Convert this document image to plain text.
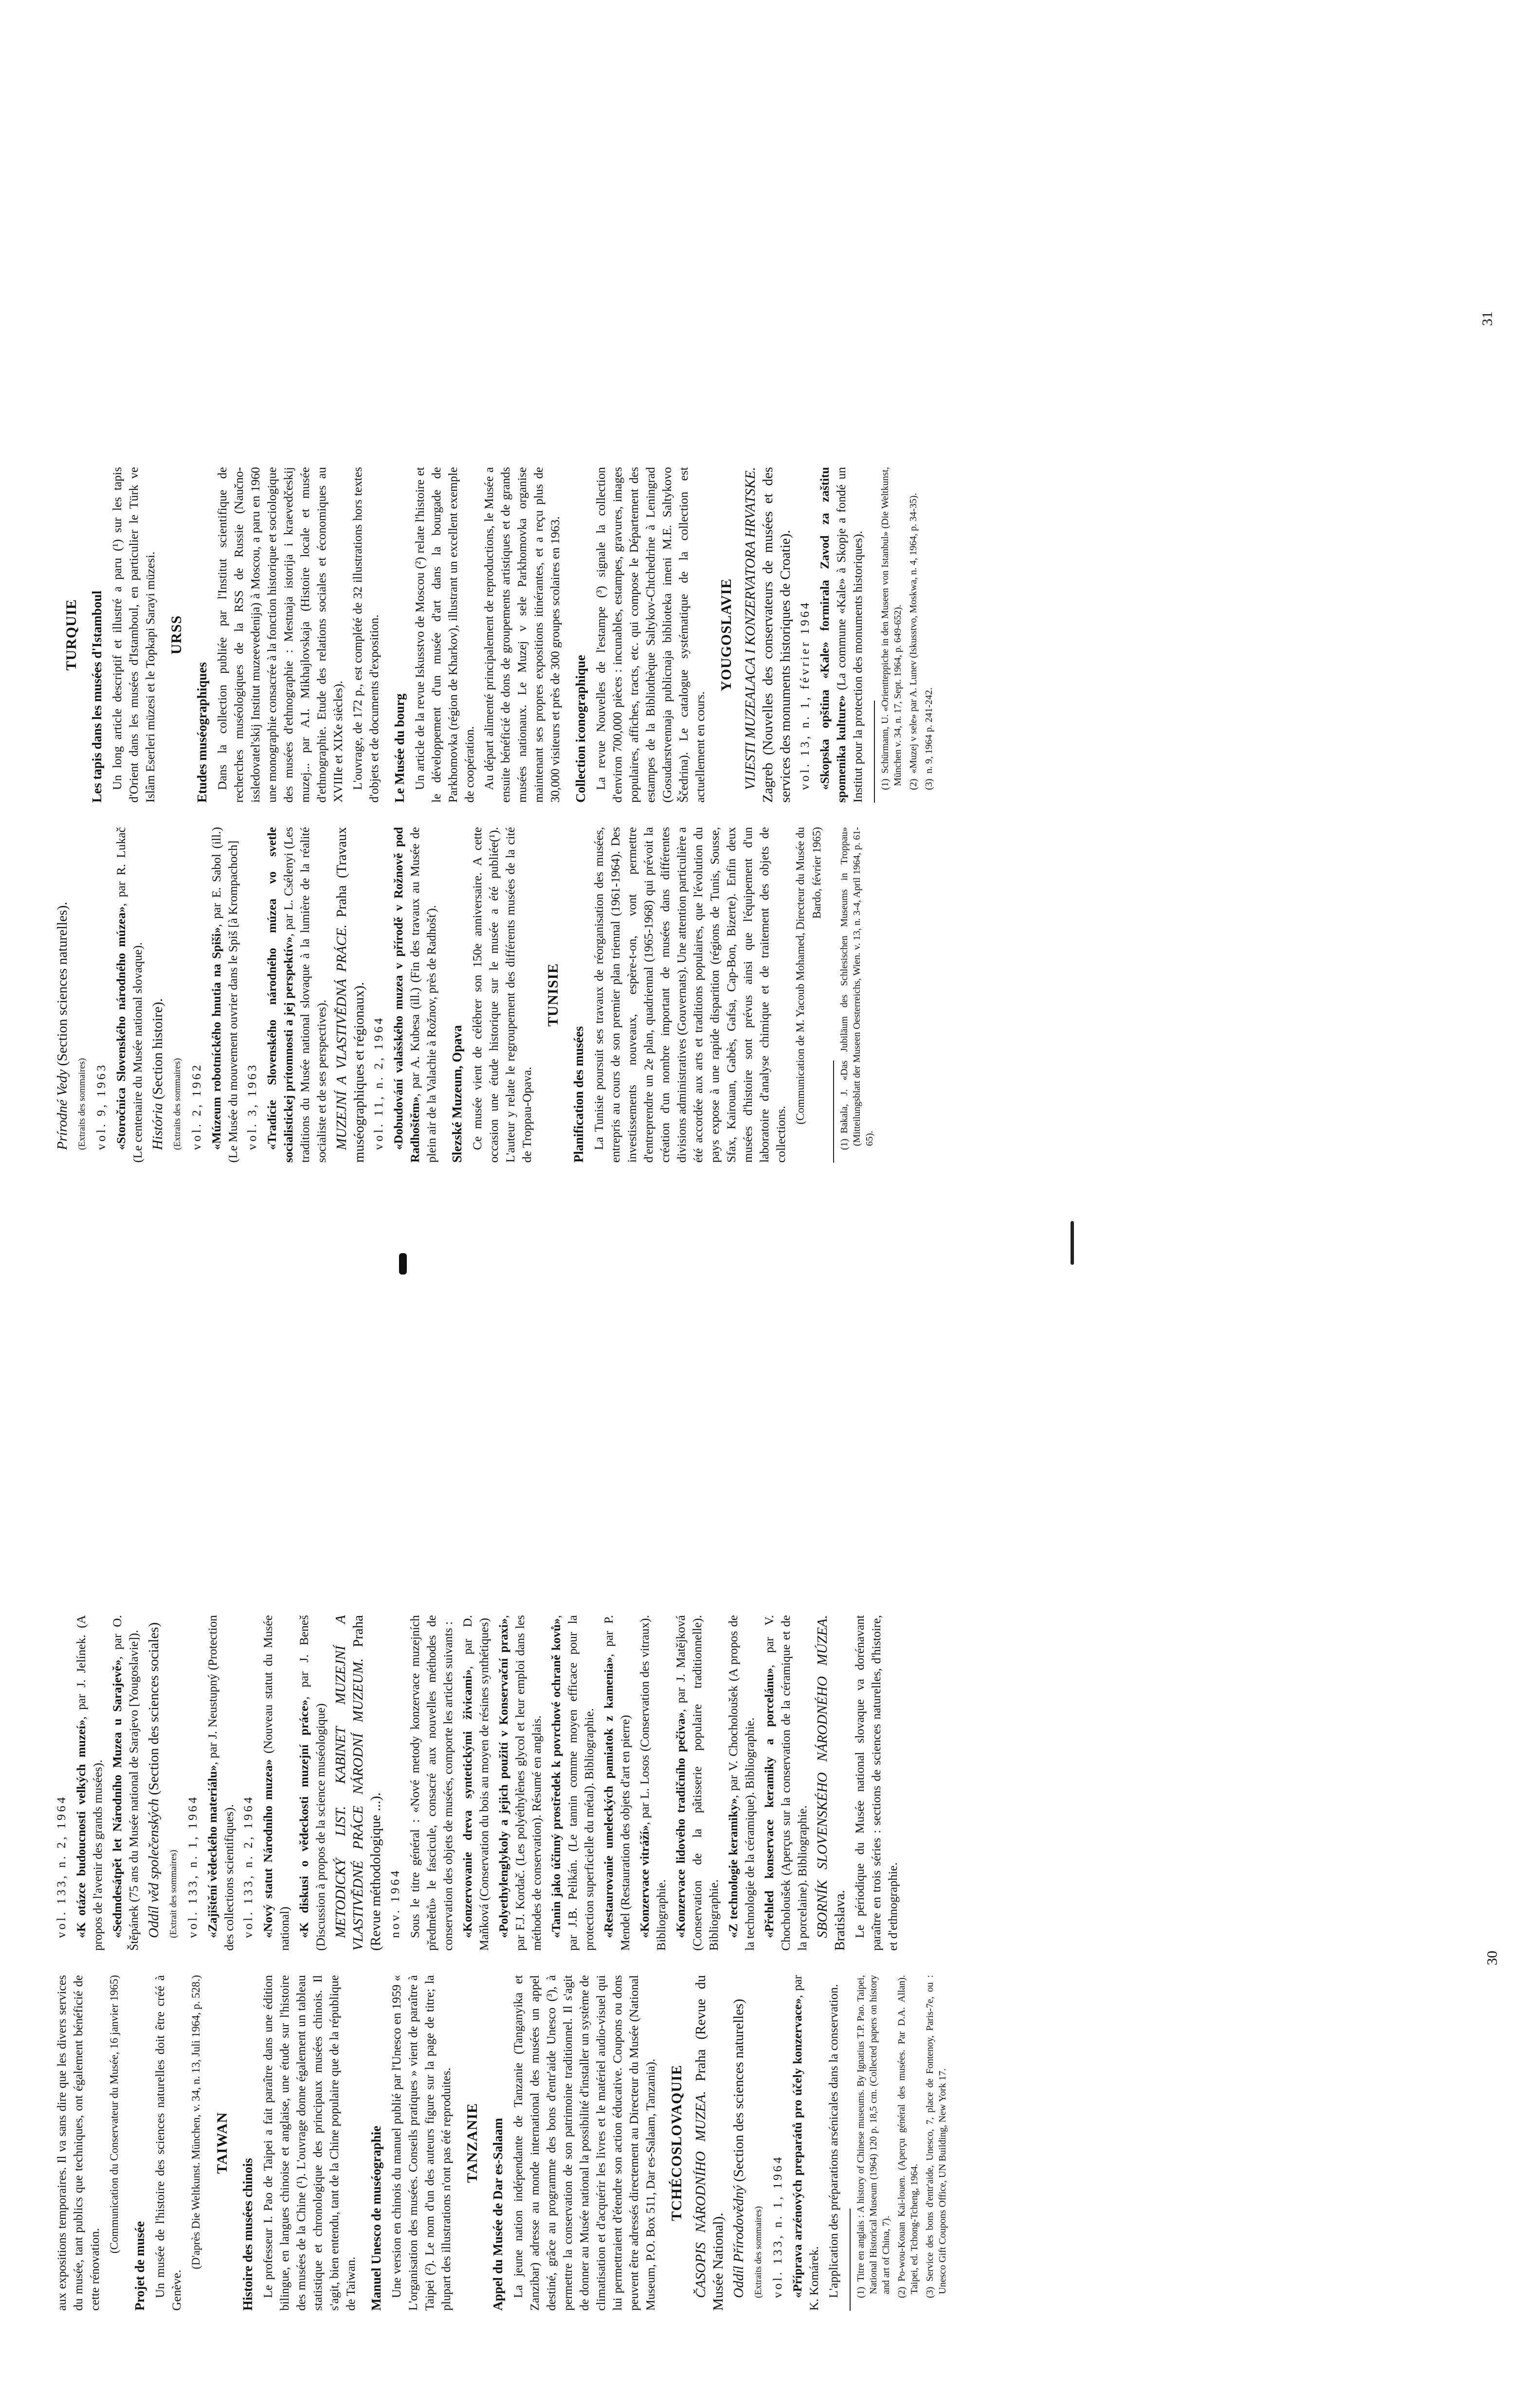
aux expositions temporaires. Il va sans dire que les divers services du musée, tant publics que techniques, ont également bénéficié de cette rénovation.

(Communication du Conservateur du Musée, 16 janvier 1965)

Projet de musée Un musée de l'histoire des sciences naturelles doit être créé à Genève.

(D'après Die Weltkunst. München, v. 34, n. 13, Juli 1964, p. 528.) TAIWAN
Histoire des musées chinois Le professeur I. Pao de Taipei a fait paraître dans une édition bilingue, en langues chinoise et anglaise, une étude sur l'histoire des musées de la Chine (¹). L'ouvrage donne également un tableau statistique et chronologique des principaux musées chinois. Il s'agit, bien entendu, tant de la Chine populaire que de la république de Taiwan. Manuel Unesco de muséographie Une version en chinois du manuel publié par l'Unesco en 1959 « L'organisation des musées. Conseils pratiques » vient de paraître à Taipei (²). Le nom d'un des auteurs figure sur la page de titre; la plupart des illustrations n'ont pas été reproduites. TANZANIE Appel du Musée de Dar es-Salaam La jeune nation indépendante de Tanzanie (Tanganyika et Zanzibar) adresse au monde international des musées un appel destiné, grâce au programme des bons d'entr'aide Unesco (³), à permettre la conservation de son patrimoine traditionnel. Il s'agit de donner au Musée national la possibilité d'installer un système de climatisation et d'acquérir les livres et le matériel audio-visuel qui lui permettraient d'étendre son action éducative. Coupons ou dons peuvent être adressés directement au Directeur du Musée (National Museum, P.O. Box 511, Dar es-Salaam, Tanzania). TCHÉCOSLOVAQUIE ČASOPIS NÁRODNÍHO MUZEA. Praha (Revue du Musée National). Oddíl Přírodovědný (Section des sciences naturelles)

(Extraits des sommaires) vol. 133, n. 1, 1964 «Příprava arzénových preparátů pro účely konzervace», par K. Komárek. L'application des préparations arsénicales dans la conservation. (1)
Titre en anglais : A history of Chinese museums. By Ignatius T.P. Pao. Taipei, National Historical Museum (1964) 120 p. 18,5 cm. (Collected papers on history and art of China, 7). (2)
Po-wou-Kouan Kai-louen. (Aperçu général des musées. Par D.A. Allan). Taipei, ed. Tchong-Tcheng, 1964. (3)
Service des bons d'entr'aide, Unesco, 7, place de Fontenoy, Paris-7e, ou : Unesco Gift Coupons Office, UN Building, New York 17.

vol. 133, n. 2, 1964 «K otázce budoucnosti velkých muzeí», par J. Jelínek. (A propos de l'avenir des grands musées). «Sedmdesátpět let Národního Muzea u Sarajevě», par O. Štěpánek (75 ans du Musée national de Sarajevo [Yougoslavie]). Oddíl věd společenských (Section des sciences sociales)

(Extrait des sommaires) vol. 133, n. 1, 1964 «Zajištění vědeckého materiálu», par J. Neustupný (Protection des collections scientifiques). vol. 133, n. 2, 1964 «Nový statut Národního muzea» (Nouveau statut du Musée national) «K diskusi o vědeckosti muzejní práce», par J. Beneš (Discussion à propos de la science muséologique) METODICKÝ LIST. KABINET MUZEJNÍ A VLASTIVĚDNÉ PRÁCE NÁRODNÍ MUZEUM. Praha (Revue méthodologique ...). nov. 1964 Sous le titre général : «Nové metody konzervace muzejních předmětů» le fascicule, consacré aux nouvelles méthodes de conservation des objets de musées, comporte les articles suivants : «Konzervovanie dreva syntetickými živicami», par D. Maňková (Conservation du bois au moyen de résines synthétiques) «Polyethylenglykoly a jejich použití v Konservační praxi», par F.J. Kordač. (Les polyéthylènes glycol et leur emploi dans les méthodes de conservation). Résumé en anglais. «Tanin jako účinný prostředek k povrchové ochraně kovů», par J.B. Pelikán. (Le tannin comme moyen efficace pour la protection superficielle du métal). Bibliographie. «Restaurovanie umeleckých pamiatok z kamenia», par P. Mendel (Restauration des objets d'art en pierre) «Konzervace vitráží», par L. Losos (Conservation des vitraux). Bibliographie. «Konzervace lidového tradičního pečiva», par J. Matějková (Conservation de la pâtisserie populaire traditionnelle). Bibliographie. «Z technologie keramiky», par V. Chocholoušek (A propos de la technologie de la céramique). Bibliographie. «Přehled konservace keramiky a porcelánu», par V. Chocholoušek (Aperçus sur la conservation de la céramique et de la porcelaine). Bibliographie. SBORNÍK SLOVENSKÉHO NÁRODNÉHO MÚZEA. Bratislava. Le périodique du Musée national slovaque va dorénavant paraître en trois séries : sections de sciences naturelles, d'histoire, et d'ethnographie.

30

Prírodné Vedy (Section sciences naturelles).

(Extraits des sommaires) vol. 9, 1963 «Storočnica Slovenského národného múzea», par R. Lukač (Le centenaire du Musée national slovaque). História (Section histoire).

(Extraits des sommaires) vol. 2, 1962 «Múzeum robotníckého hnutia na Spiši», par E. Sabol (ill.) (Le Musée du mouvement ouvrier dans le Spiš [à Krompachoch] vol. 3, 1963 «Tradície Slovenského národného múzea vo svetle socialistickej prítomnosti a jej perspektív», par L. Csélenyi (Les traditions du Musée national slovaque à la lumière de la réalité socialiste et de ses perspectives). MUZEJNÍ A VLASTIVĚDNÁ PRÁCE. Praha (Travaux muséographiques et régionaux). vol. 11, n. 2, 1964 «Dobudování valašského muzea v přírodě v Rožnově pod Radhoštěm», par A. Kubesa (ill.) (Fin des travaux au Musée de plein air de la Valachie à Rožnov, près de Radhošť). Slezské Muzeum, Opava Ce musée vient de célébrer son 150e anniversaire. A cette occasion une étude historique sur le musée a été publiée(¹). L'auteur y relate le regroupement des différents musées de la cité de Troppau-Opava.

TUNISIE
Planification des musées La Tunisie poursuit ses travaux de réorganisation des musées, entrepris au cours de son premier plan triennal (1961-1964). Des investissements nouveaux, espère-t-on, vont permettre d'entreprendre un 2e plan, quadriennal (1965-1968) qui prévoit la création d'un nombre important de musées dans différentes divisions administratives (Gouvernats). Une attention particulière a été accordée aux arts et traditions populaires, que l'évolution du pays expose à une rapide disparition (régions de Tunis, Sousse, Sfax, Kairouan, Gabès, Gafsa, Cap-Bon, Bizerte). Enfin deux musées d'histoire sont prévus ainsi que l'équipement d'un laboratoire d'analyse chimique et de traitement des objets de collections.

(Communication de M. Yacoub Mohamed, Directeur du Musée du Bardo, février 1965)

(1)
Bakala, J. «Das Jubiläum des Schlesischen Museums in Troppau» (Mitteilungsblatt der Museen Oesterreichs, Wien. v. 13, n. 3-4, April 1964, p. 61-65).

TURQUIE Les tapis dans les musées d'Istamboul Un long article descriptif et illustré a paru (¹) sur les tapis d'Orient dans les musées d'Istamboul, en particulier le Türk ve Islâm Eserleri müzesi et le Topkapi Sarayi müzesi. URSS
Etudes muséographiques Dans la collection publiée par l'Institut scientifique de recherches muséologiques de la RSS de Russie (Naučno-issledovatel'skij Institut muzeevedenija) à Moscou, a paru en 1960 une monographie consacrée à la fonction historique et sociologique des musées d'ethnographie : Mestnaja istorija i kraevedčeskij muzej... par A.I. Mikhajlovskaja (Histoire locale et musée d'ethnographie. Etude des relations sociales et économiques au XVIIIe et XIXe siècles). L'ouvrage, de 172 p., est complété de 32 illustrations hors textes d'objets et de documents d'exposition. Le Musée du bourg Un article de la revue Iskusstvo de Moscou (²) relate l'histoire et le développement d'un musée d'art dans la bourgade de Parkhomovka (région de Kharkov), illustrant un excellent exemple de coopération. Au départ alimenté principalement de reproductions, le Musée a ensuite bénéficié de dons de groupements artistiques et de grands musées nationaux. Le Muzej v sele Parkhomovka organise maintenant ses propres expositions itinérantes, et a reçu plus de 30,000 visiteurs et près de 300 groupes scolaires en 1963. Collection iconographique La revue Nouvelles de l'estampe (³) signale la collection d'environ 700,000 pièces : incunables, estampes, gravures, images populaires, affiches, tracts, etc. qui compose le Département des estampes de la Bibliothèque Saltykov-Chtchedrine à Leningrad (Gosudarstvennaja publicnaja biblioteka imeni M.E. Saltykovo Ščedrina). Le catalogue systématique de la collection est actuellement en cours.

YOUGOSLAVIE VIJESTI MUZEALACA I KONZERVATORA HRVATSKE. Zagreb (Nouvelles des conservateurs de musées et des services des monuments historiques de Croatie). vol. 13, n. 1, février 1964 «Skopska opština «Kale» formirala Zavod za zaštitu spomenika kulture» (La commune «Kale» à Skopje a fondé un Institut pour la protection des monuments historiques). (1)
Schürmann, U. «Orientteppiche in den Museen von Istanbul» (Die Weltkunst, München v. 34, n. 17, Sept. 1964, p. 649-652). (2)
«Muzej v sele» par A. Lunev (Iskusstvo, Moskwa, n. 4, 1964, p. 34-35).

(3)
n. 9, 1964 p. 241-242.

31
